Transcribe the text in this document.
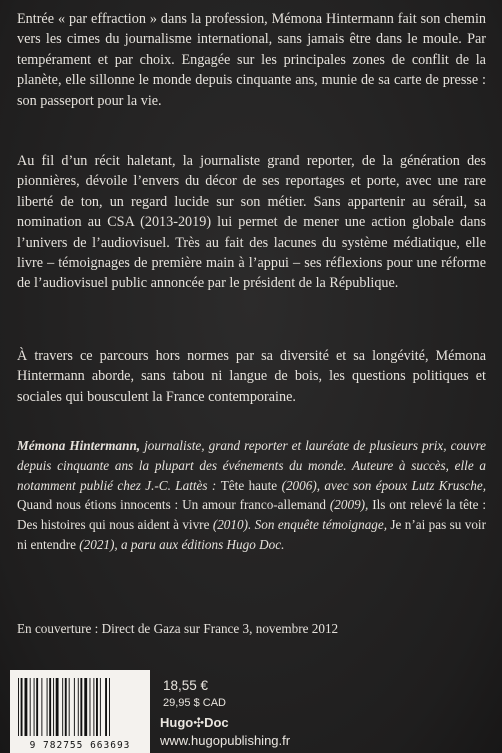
Entrée « par effraction » dans la profession, Mémona Hintermann fait son chemin vers les cimes du journalisme international, sans jamais être dans le moule. Par tempérament et par choix. Engagée sur les principales zones de conflit de la planète, elle sillonne le monde depuis cinquante ans, munie de sa carte de presse : son passeport pour la vie.

Au fil d’un récit haletant, la journaliste grand reporter, de la génération des pionnières, dévoile l’envers du décor de ses reportages et porte, avec une rare liberté de ton, un regard lucide sur son métier. Sans appartenir au sérail, sa nomination au CSA (2013-2019) lui permet de mener une action globale dans l’univers de l’audiovisuel. Très au fait des lacunes du système médiatique, elle livre – témoignages de première main à l’appui – ses réflexions pour une réforme de l’audiovisuel public annoncée par le président de la République.

À travers ce parcours hors normes par sa diversité et sa longévité, Mémona Hintermann aborde, sans tabou ni langue de bois, les questions politiques et sociales qui bousculent la France contemporaine.

Mémona Hintermann, journaliste, grand reporter et lauréate de plusieurs prix, couvre depuis cinquante ans la plupart des événements du monde. Auteure à succès, elle a notamment publié chez J.-C. Lattès : Tête haute (2006), avec son époux Lutz Krusche, Quand nous étions innocents : Un amour franco-allemand (2009), Ils ont relevé la tête : Des histoires qui nous aident à vivre (2010). Son enquête témoignage, Je n’ai pas su voir ni entendre (2021), a paru aux éditions Hugo Doc.

En couverture : Direct de Gaza sur France 3, novembre 2012
9 782755 663693
18,55 €
29,95 $ CAD
Hugo✣Doc
www.hugopublishing.fr
